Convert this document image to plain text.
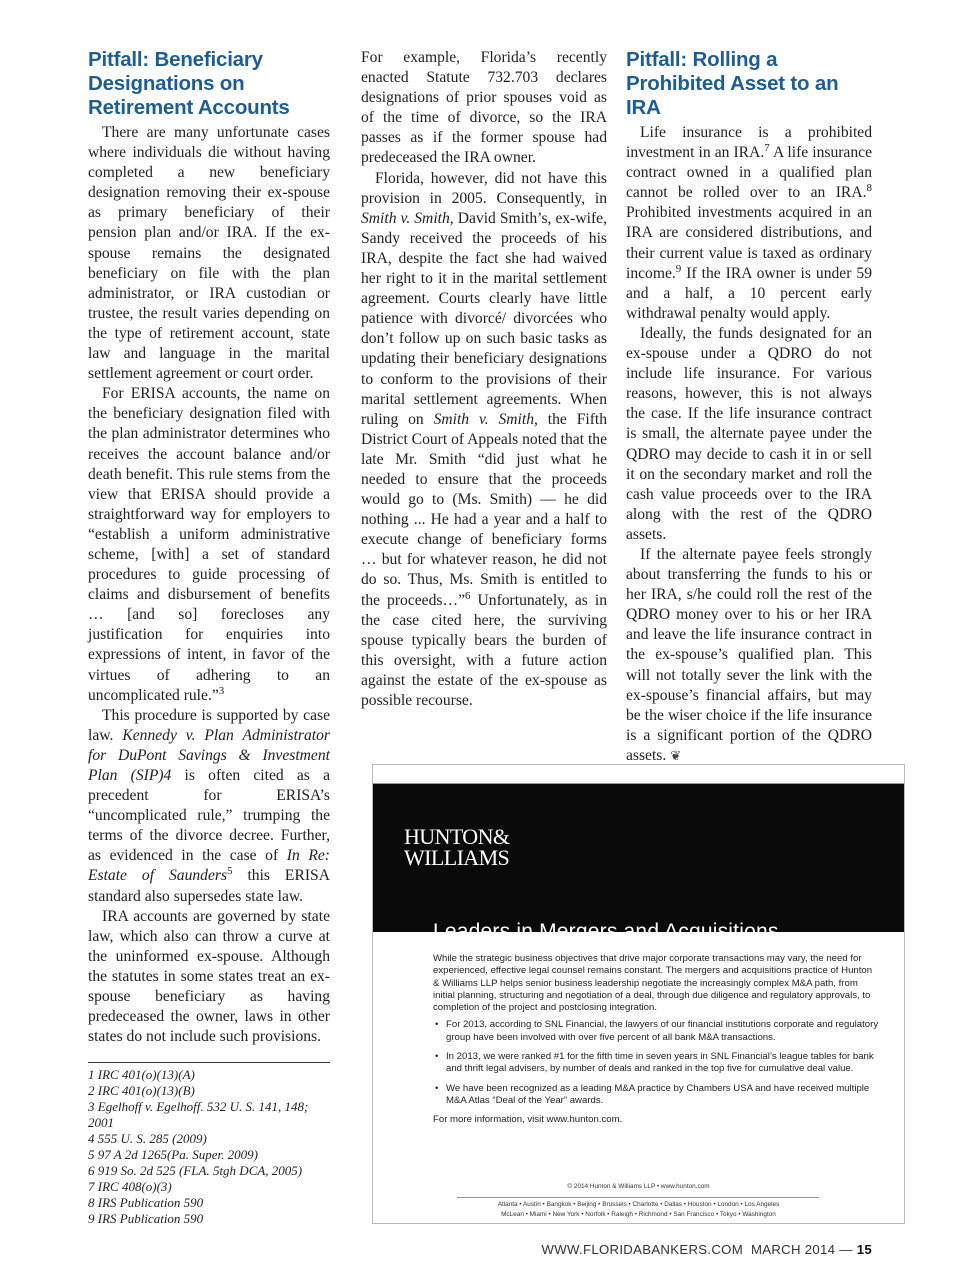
Pitfall: Beneficiary Designations on Retirement Accounts

There are many unfortunate cases where individuals die without having completed a new beneficiary designation removing their ex-spouse as primary beneficiary of their pension plan and/or IRA. If the ex-spouse remains the designated beneficiary on file with the plan administrator, or IRA custodian or trustee, the result varies depending on the type of retirement account, state law and language in the marital settlement agreement or court order.

For ERISA accounts, the name on the beneficiary designation filed with the plan administrator determines who receives the account balance and/or death benefit. This rule stems from the view that ERISA should provide a straightforward way for employers to “establish a uniform administrative scheme, [with] a set of standard procedures to guide processing of claims and disbursement of benefits … [and so] forecloses any justification for enquiries into expressions of intent, in favor of the virtues of adhering to an uncomplicated rule.”$^3$

This procedure is supported by case law. Kennedy v. Plan Administrator for DuPont Savings & Investment Plan (SIP)4 is often cited as a precedent for ERISA’s “uncomplicated rule,” trumping the terms of the divorce decree. Further, as evidenced in the case of In Re: Estate of Saunders$^5$ this ERISA standard also supersedes state law.

IRA accounts are governed by state law, which also can throw a curve at the uninformed ex-spouse. Although the statutes in some states treat an ex-spouse beneficiary as having predeceased the owner, laws in other states do not include such provisions.

1 IRC 401(o)(13)(A)
2 IRC 401(o)(13)(B)
3 Egelhoff v. Egelhoff. 532 U. S. 141, 148; 2001
4 555 U. S. 285 (2009)
5 97 A 2d 1265(Pa. Super. 2009)
6 919 So. 2d 525 (FLA. 5tgh DCA, 2005)
7 IRC 408(o)(3)
8 IRS Publication 590
9 IRS Publication 590

For example, Florida’s recently enacted Statute 732.703 declares designations of prior spouses void as of the time of divorce, so the IRA passes as if the former spouse had predeceased the IRA owner.

Florida, however, did not have this provision in 2005. Consequently, in Smith v. Smith, David Smith’s, ex-wife, Sandy received the proceeds of his IRA, despite the fact she had waived her right to it in the marital settlement agreement. Courts clearly have little patience with divorcé/ divorcées who don’t follow up on such basic tasks as updating their beneficiary designations to conform to the provisions of their marital settlement agreements. When ruling on Smith v. Smith, the Fifth District Court of Appeals noted that the late Mr. Smith “did just what he needed to ensure that the proceeds would go to (Ms. Smith) — he did nothing ... He had a year and a half to execute change of beneficiary forms … but for whatever reason, he did not do so. Thus, Ms. Smith is entitled to the proceeds…”$^6$ Unfortunately, as in the case cited here, the surviving spouse typically bears the burden of this oversight, with a future action against the estate of the ex-spouse as possible recourse.

Pitfall: Rolling a Prohibited Asset to an IRA

Life insurance is a prohibited investment in an IRA.$^7$ A life insurance contract owned in a qualified plan cannot be rolled over to an IRA.$^8$ Prohibited investments acquired in an IRA are considered distributions, and their current value is taxed as ordinary income.$^9$ If the IRA owner is under 59 and a half, a 10 percent early withdrawal penalty would apply.

Ideally, the funds designated for an ex-spouse under a QDRO do not include life insurance. For various reasons, however, this is not always the case. If the life insurance contract is small, the alternate payee under the QDRO may decide to cash it in or sell it on the secondary market and roll the cash value proceeds over to the IRA along with the rest of the QDRO assets.

If the alternate payee feels strongly about transferring the funds to his or her IRA, s/he could roll the rest of the QDRO money over to his or her IRA and leave the life insurance contract in the ex-spouse’s qualified plan. This will not totally sever the link with the ex-spouse’s financial affairs, but may be the wiser choice if the life insurance is a significant portion of the QDRO assets. ❦

HUNTON&
WILLIAMS
Leaders in Mergers and Acquisitions

While the strategic business objectives that drive major corporate transactions may vary, the need for experienced, effective legal counsel remains constant. The mergers and acquisitions practice of Hunton & Williams LLP helps senior business leadership negotiate the increasingly complex M&A path, from initial planning, structuring and negotiation of a deal, through due diligence and regulatory approvals, to completion of the project and postclosing integration.

• For 2013, according to SNL Financial, the lawyers of our financial institutions corporate and regulatory group have been involved with over five percent of all bank M&A transactions.
• In 2013, we were ranked #1 for the fifth time in seven years in SNL Financial’s league tables for bank and thrift legal advisers, by number of deals and ranked in the top five for cumulative deal value.
• We have been recognized as a leading M&A practice by Chambers USA and have received multiple M&A Atlas “Deal of the Year” awards.

For more information, visit www.hunton.com.

© 2014 Hunton & Williams LLP • www.hunton.com
Atlanta • Austin • Bangkok • Beijing • Brussels • Charlotte • Dallas • Houston • London • Los Angeles
McLean • Miami • New York • Norfolk • Raleigh • Richmond • San Francisco • Tokyo • Washington
WWW.FLORIDABANKERS.COM MARCH 2014 — 15
